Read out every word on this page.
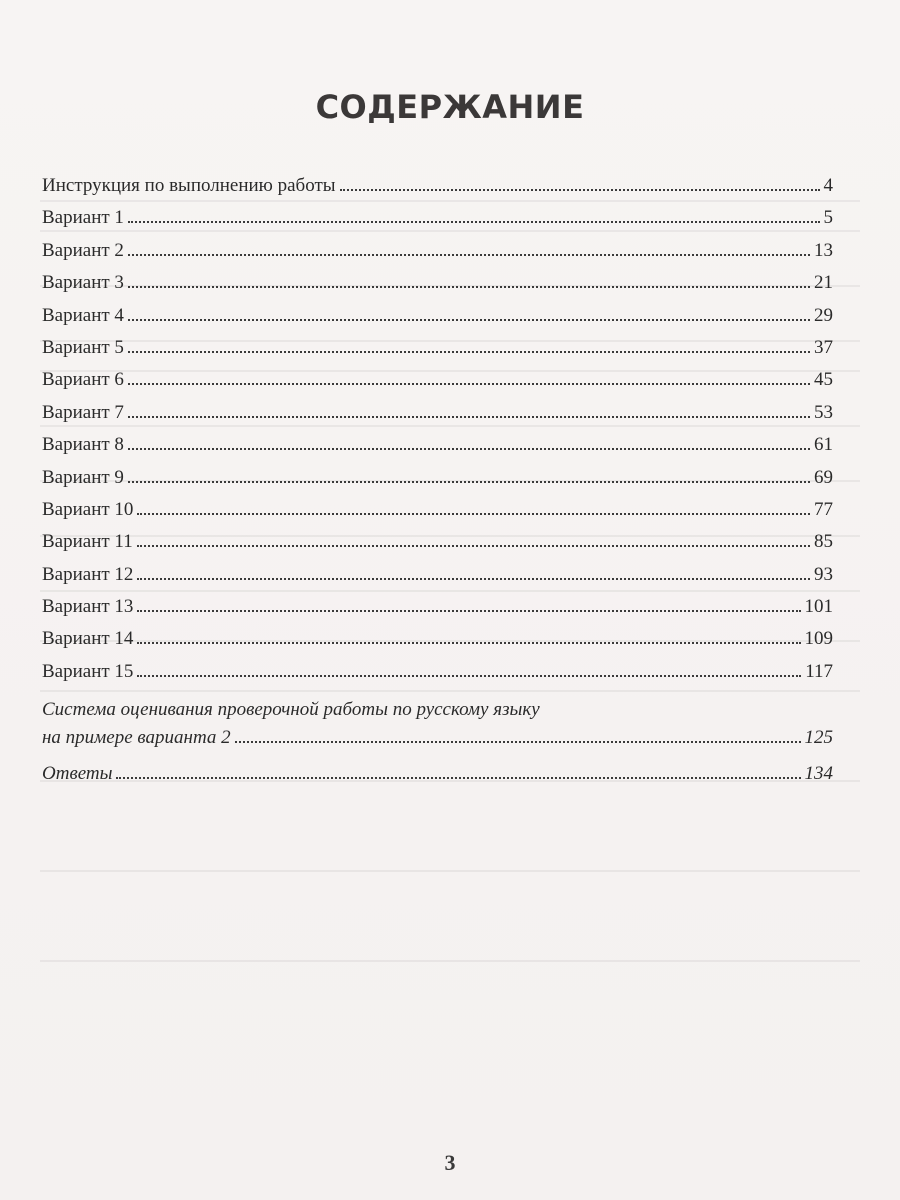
СОДЕРЖАНИЕ
Инструкция по выполнению работы	4
Вариант 1	5
Вариант 2	13
Вариант 3	21
Вариант 4	29
Вариант 5	37
Вариант 6	45
Вариант 7	53
Вариант 8	61
Вариант 9	69
Вариант 10	77
Вариант 11	85
Вариант 12	93
Вариант 13	101
Вариант 14	109
Вариант 15	117
Система оценивания проверочной работы по русскому языку
на примере варианта 2	125
Ответы	134
3
